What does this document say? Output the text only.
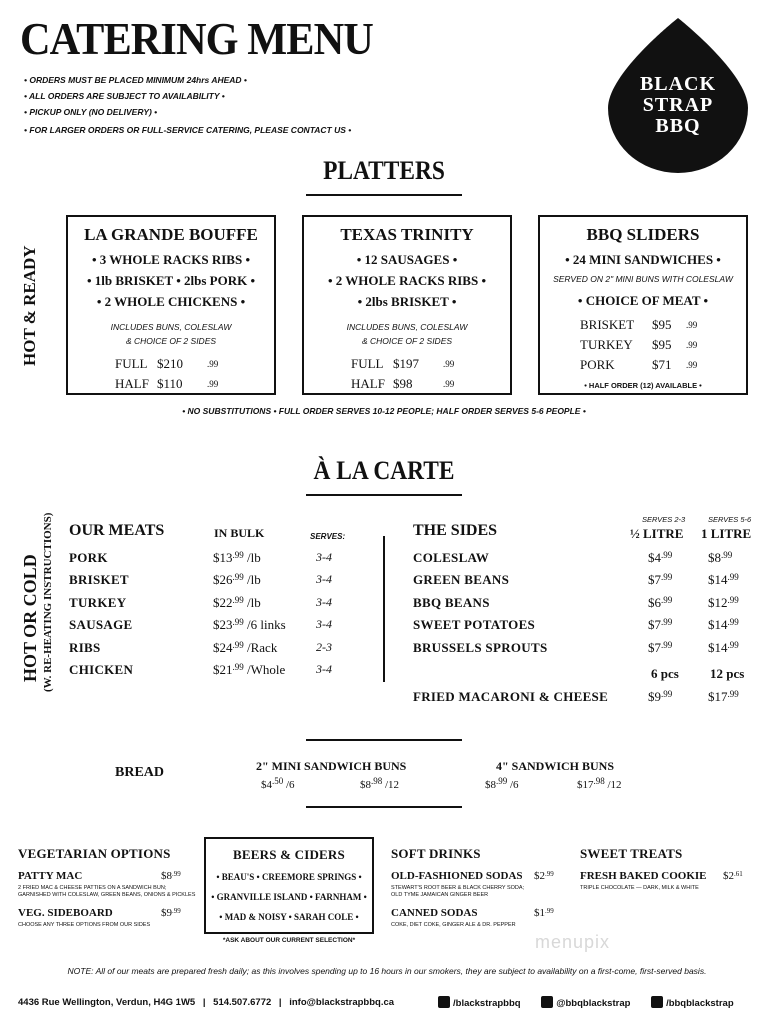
CATERING MENU
• ORDERS MUST BE PLACED MINIMUM 24hrs AHEAD •
• ALL ORDERS ARE SUBJECT TO AVAILABILITY •
• PICKUP ONLY (NO DELIVERY) •
• FOR LARGER ORDERS OR FULL-SERVICE CATERING, PLEASE CONTACT US •
BLACK
STRAP
BBQ
PLATTERS
HOT & READY
LA GRANDE BOUFFE
• 3 WHOLE RACKS RIBS •
• 1lb BRISKET • 2lbs PORK •
• 2 WHOLE CHICKENS •
INCLUDES BUNS, COLESLAW
& CHOICE OF 2 SIDES
FULL $210	.99
HALF $110	.99
TEXAS TRINITY
• 12 SAUSAGES •
• 2 WHOLE RACKS RIBS •
• 2lbs BRISKET •
INCLUDES BUNS, COLESLAW
& CHOICE OF 2 SIDES
FULL $197	.99
HALF $98	.99
BBQ SLIDERS
• 24 MINI SANDWICHES •
SERVED ON 2" MINI BUNS WITH COLESLAW
• CHOICE OF MEAT •
BRISKET $95 .99
TURKEY $95 .99
PORK	$71 .99
• HALF ORDER (12) AVAILABLE •
• NO SUBSTITUTIONS • FULL ORDER SERVES 10-12 PEOPLE; HALF ORDER SERVES 5-6 PEOPLE •
À LA CARTE
HOT OR COLD (W. RE-HEATING INSTRUCTIONS) OUR MEATS	IN BULK	SERVES:
PORK	$\$13^{.99}$ /lb	3-4
BRISKET	$\$26^{.99}$ /lb	3-4
TURKEY	$\$22^{.99}$ /lb	3-4
SAUSAGE	$\$23^{.99}$ /6 links	3-4
RIBS	$\$24^{.99}$ /Rack	2-3
CHICKEN	$\$21^{.99}$ /Whole	3-4
THE SIDES
SERVES 2-3	SERVES 5-6
½ LITRE 1 LITRE
COLESLAW	$\$4^{.99}$	$\$8^{.99}$
GREEN BEANS	$\$7^{.99}$	$\$14^{.99}$
BBQ BEANS	$\$6^{.99}$	$\$12^{.99}$
SWEET POTATOES	$\$7^{.99}$	$\$14^{.99}$
BRUSSELS SPROUTS	$\$7^{.99}$	$\$14^{.99}$
6 pcs 12 pcs
FRIED MACARONI & CHEESE	$\$9^{.99}$	$\$17^{.99}$
BREAD	2" MINI SANDWICH BUNS
$\$4^{.50}$ /6	$\$8^{.98}$ /12
4" SANDWICH BUNS
$\$8^{.99}$ /6	$\$17^{.98}$ /12
VEGETARIAN OPTIONS
PATTY MAC	$\$8^{.99}$
2 FRIED MAC & CHEESE PATTIES ON A SANDWICH BUN;
GARNISHED WITH COLESLAW, GREEN BEANS, ONIONS & PICKLES
VEG. SIDEBOARD	$\$9^{.99}$
CHOOSE ANY THREE OPTIONS FROM OUR SIDES
BEERS & CIDERS
• BEAU'S • CREEMORE SPRINGS •
• GRANVILLE ISLAND • FARNHAM •
• MAD & NOISY • SARAH COLE •
*ASK ABOUT OUR CURRENT SELECTION*
SOFT DRINKS
OLD-FASHIONED SODAS $\$2^{.99}$
STEWART'S ROOT BEER & BLACK CHERRY SODA;
OLD TYME JAMAICAN GINGER BEER
CANNED SODAS	$\$1^{.99}$
COKE, DIET COKE, GINGER ALE & DR. PEPPER
SWEET TREATS
FRESH BAKED COOKIE $\$2^{.61}$
TRIPLE CHOCOLATE — DARK, MILK & WHITE
menupix
NOTE: All of our meats are prepared fresh daily; as this involves spending up to 16 hours in our smokers, they are subject to availability on a first-come, first-served basis.
4436 Rue Wellington, Verdun, H4G 1W5 | 514.507.6772 | info@blackstrapbbq.ca	/blackstrapbbq	@bbqblackstrap	/bbqblackstrap
